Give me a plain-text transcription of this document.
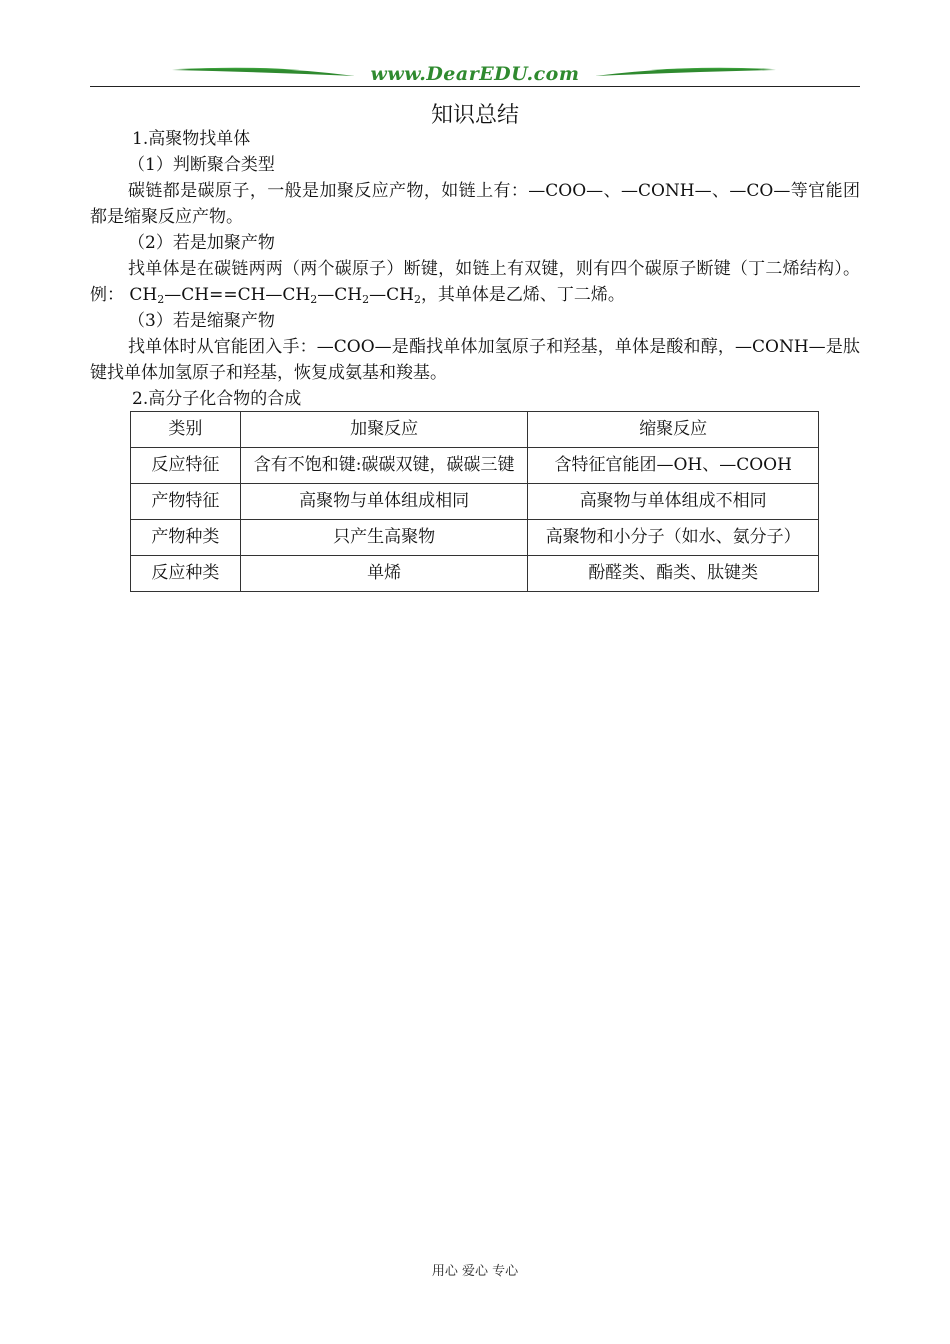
www.DearEDU.com
知识总结

1.高聚物找单体

（1）判断聚合类型

碳链都是碳原子，一般是加聚反应产物，如链上有：—COO—、—CONH—、—CO—等官能团都是缩聚反应产物。

（2）若是加聚产物

找单体是在碳链两两（两个碳原子）断键，如链上有双键，则有四个碳原子断键（丁二烯结构）。例： $CH_2—CH==CH—CH_2—CH_2—CH_2$，其单体是乙烯、丁二烯。

（3）若是缩聚产物

找单体时从官能团入手：—COO—是酯找单体加氢原子和羟基，单体是酸和醇，—CONH—是肽键找单体加氢原子和羟基，恢复成氨基和羧基。

2.高分子化合物的合成

类别	加聚反应	缩聚反应
反应特征	含有不饱和键:碳碳双键，碳碳三键	含特征官能团—OH、—COOH
产物特征	高聚物与单体组成相同	高聚物与单体组成不相同
产物种类	只产生高聚物	高聚物和小分子（如水、氨分子）
反应种类	单烯	酚醛类、酯类、肽键类
用心 爱心 专心
